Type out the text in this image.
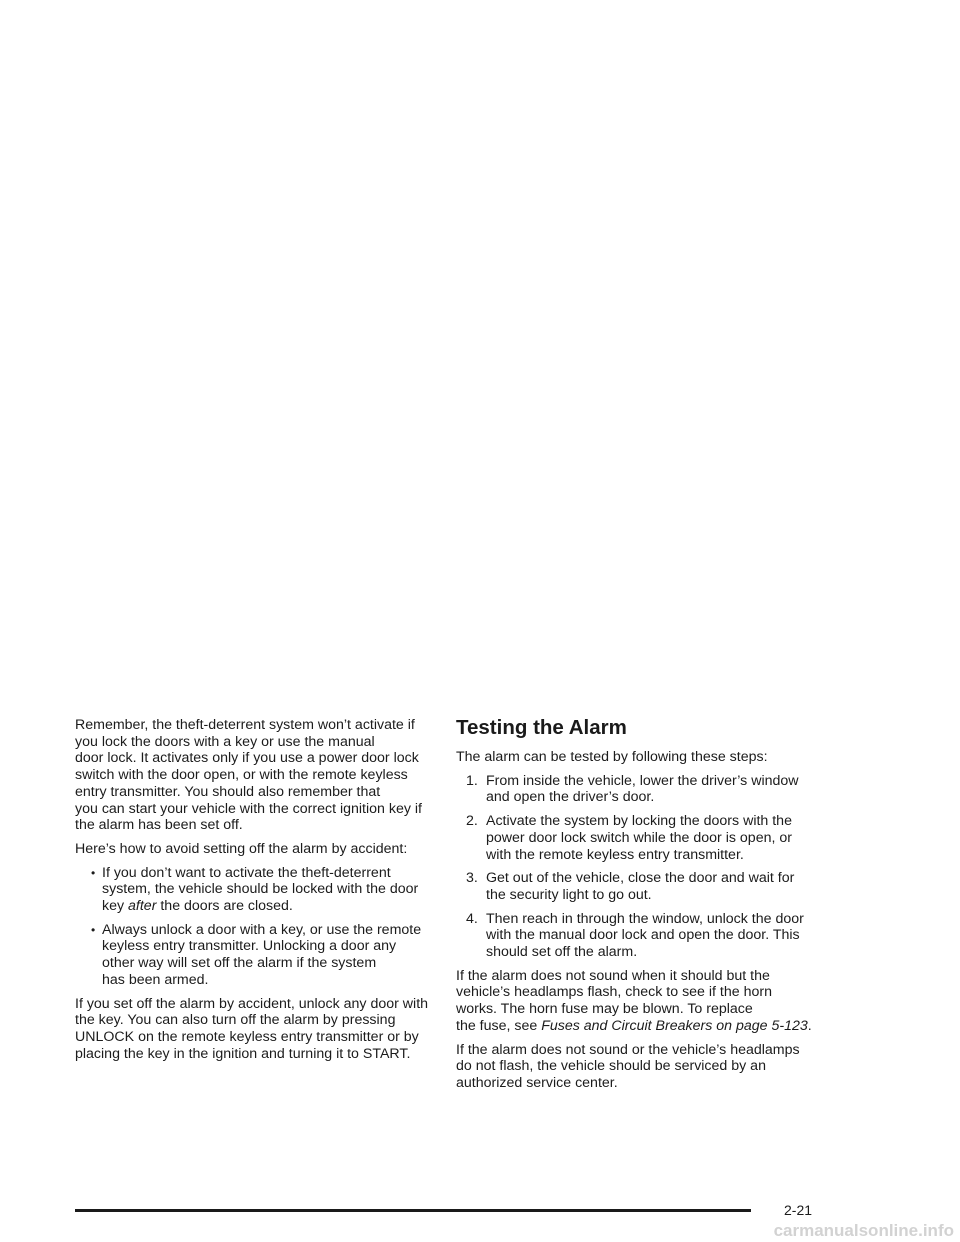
Remember, the theft-deterrent system won’t activate if
you lock the doors with a key or use the manual
door lock. It activates only if you use a power door lock
switch with the door open, or with the remote keyless
entry transmitter. You should also remember that
you can start your vehicle with the correct ignition key if
the alarm has been set off.

Here’s how to avoid setting off the alarm by accident:

• If you don’t want to activate the theft-deterrent
system, the vehicle should be locked with the door
key after the doors are closed.
• Always unlock a door with a key, or use the remote
keyless entry transmitter. Unlocking a door any
other way will set off the alarm if the system
has been armed.

If you set off the alarm by accident, unlock any door with
the key. You can also turn off the alarm by pressing
UNLOCK on the remote keyless entry transmitter or by
placing the key in the ignition and turning it to START.

Testing the Alarm

The alarm can be tested by following these steps:

1. From inside the vehicle, lower the driver’s window
and open the driver’s door.
2. Activate the system by locking the doors with the
power door lock switch while the door is open, or
with the remote keyless entry transmitter.
3. Get out of the vehicle, close the door and wait for
the security light to go out.
4. Then reach in through the window, unlock the door
with the manual door lock and open the door. This
should set off the alarm.

If the alarm does not sound when it should but the
vehicle’s headlamps flash, check to see if the horn
works. The horn fuse may be blown. To replace
the fuse, see Fuses and Circuit Breakers on page 5-123.

If the alarm does not sound or the vehicle’s headlamps
do not flash, the vehicle should be serviced by an
authorized service center.

2-21
carmanualsonline.info
